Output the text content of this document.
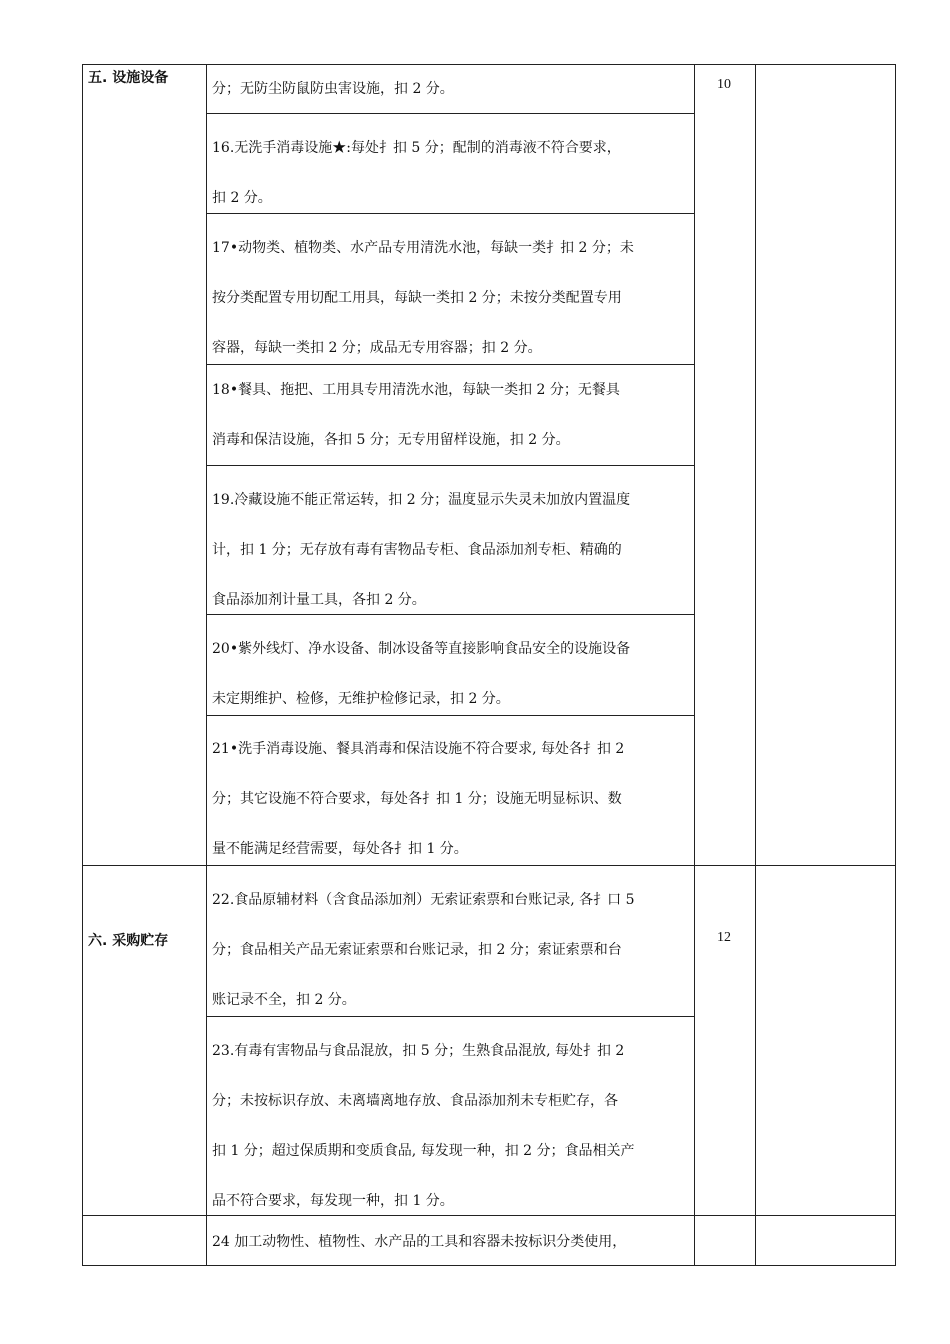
五. 设施设备	10
分；无防尘防鼠防虫害设施，扣 2 分。
16.无洗手消毒设施★:每处扌扣 5 分；配制的消毒液不符合要求，
扣 2 分。
17•动物类、植物类、水产品专用清洗水池，每缺一类扌扣 2 分；未
按分类配置专用切配工用具，每缺一类扣 2 分；未按分类配置专用
容器，每缺一类扣 2 分；成品无专用容器；扣 2 分。
18•餐具、拖把、工用具专用清洗水池，每缺一类扣 2 分；无餐具
消毒和保洁设施，各扣 5 分；无专用留样设施，扣 2 分。
19.冷藏设施不能正常运转，扣 2 分；温度显示失灵未加放内置温度
计，扣 1 分；无存放有毒有害物品专柜、食品添加剂专柜、精确的
食品添加剂计量工具，各扣 2 分。
20•紫外线灯、净水设备、制冰设备等直接影响食品安全的设施设备
未定期维护、检修，无维护检修记录，扣 2 分。
21•洗手消毒设施、餐具消毒和保洁设施不符合要求, 每处各扌扣 2
分；其它设施不符合要求，每处各扌扣 1 分；设施无明显标识、数
量不能满足经营需要，每处各扌扣 1 分。
六. 采购贮存	12
22.食品原辅材料（含食品添加剂）无索证索票和台账记录, 各扌口 5
分；食品相关产品无索证索票和台账记录，扣 2 分；索证索票和台
账记录不全，扣 2 分。
23.有毒有害物品与食品混放，扣 5 分；生熟食品混放, 每处扌扣 2
分；未按标识存放、未离墙离地存放、食品添加剂未专柜贮存，各
扣 1 分；超过保质期和变质食品, 每发现一种，扣 2 分；食品相关产
品不符合要求，每发现一种，扣 1 分。
24 加工动物性、植物性、水产品的工具和容器未按标识分类使用，
